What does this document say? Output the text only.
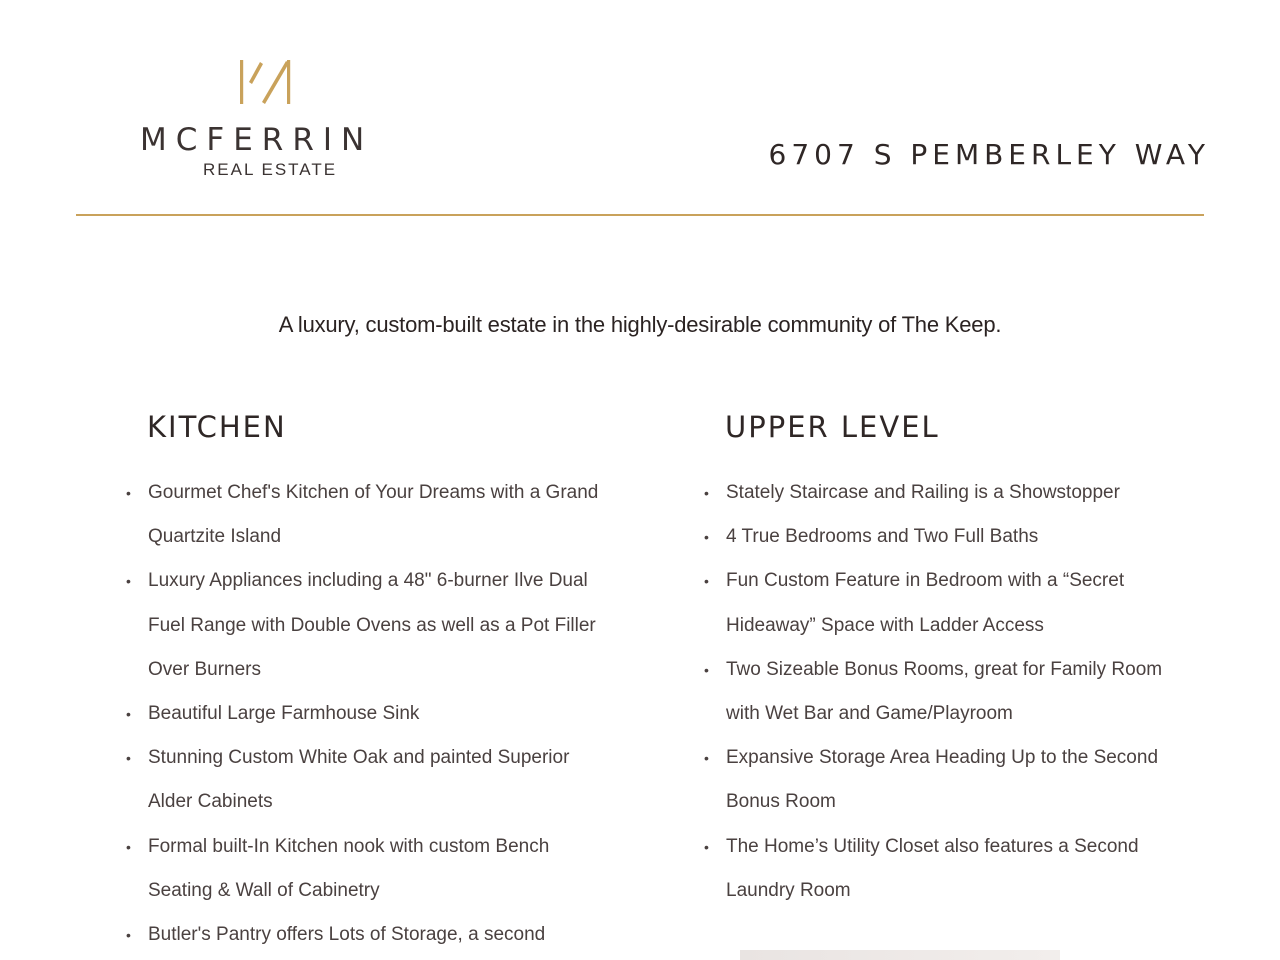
MCFERRIN
REAL ESTATE	6707 S PEMBERLEY WAY
A luxury, custom-built estate in the highly-desirable community of The Keep.
KITCHEN
• Gourmet Chef's Kitchen of Your Dreams with a Grand Quartzite Island
• Luxury Appliances including a 48" 6-burner Ilve Dual Fuel Range with Double Ovens as well as a Pot Filler Over Burners
• Beautiful Large Farmhouse Sink
• Stunning Custom White Oak and painted Superior Alder Cabinets
• Formal built-In Kitchen nook with custom Bench Seating & Wall of Cabinetry
• Butler's Pantry offers Lots of Storage, a second
UPPER LEVEL
• Stately Staircase and Railing is a Showstopper
• 4 True Bedrooms and Two Full Baths
• Fun Custom Feature in Bedroom with a “Secret Hideaway” Space with Ladder Access
• Two Sizeable Bonus Rooms, great for Family Room with Wet Bar and Game/Playroom
• Expansive Storage Area Heading Up to the Second Bonus Room
• The Home’s Utility Closet also features a Second Laundry Room
